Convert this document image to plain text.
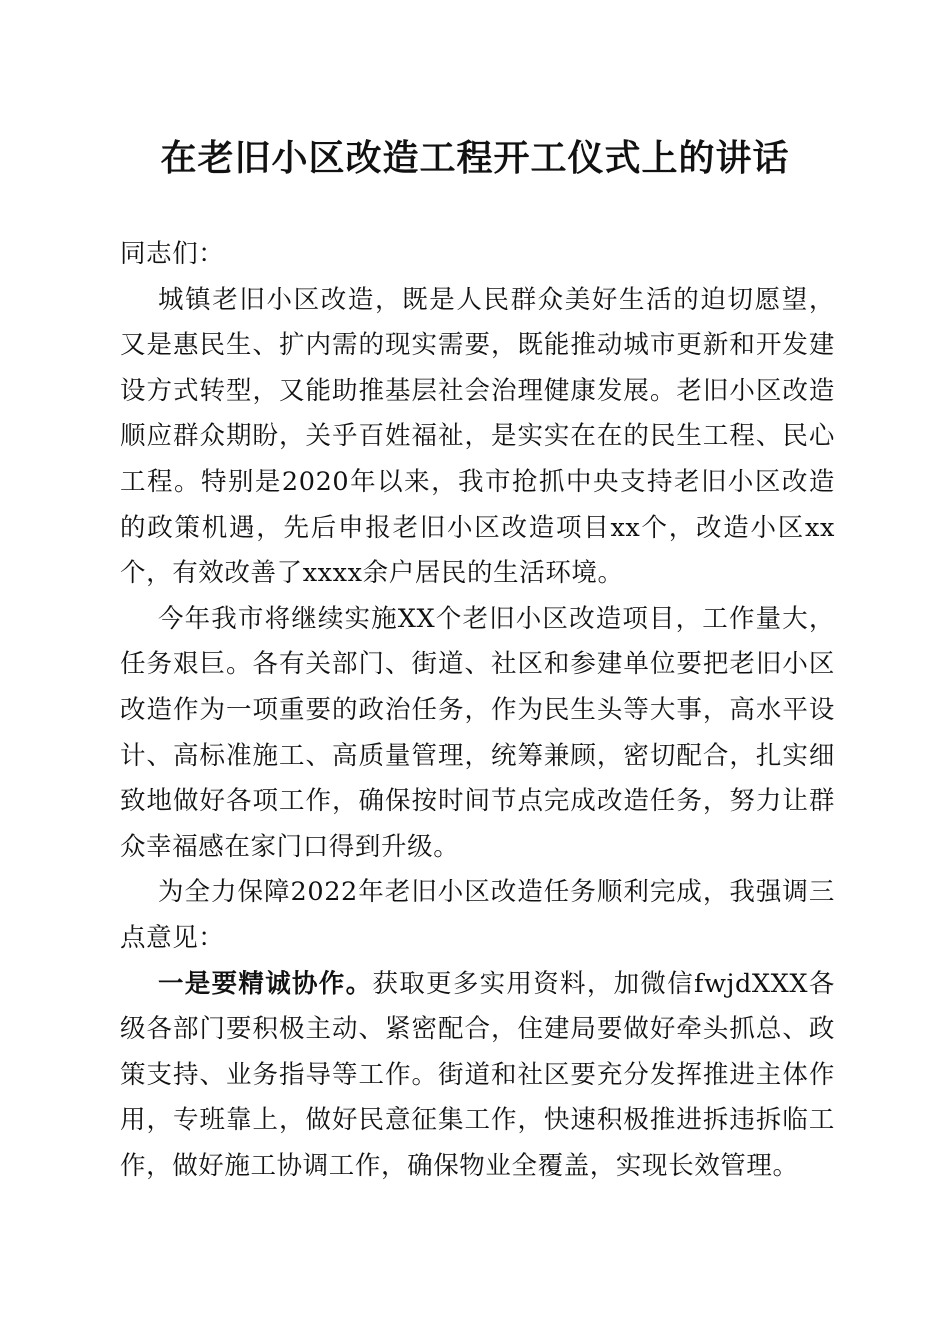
在老旧小区改造工程开工仪式上的讲话

同志们：

城镇老旧小区改造，既是人民群众美好生活的迫切愿望，又是惠民生、扩内需的现实需要，既能推动城市更新和开发建设方式转型，又能助推基层社会治理健康发展。老旧小区改造顺应群众期盼，关乎百姓福祉，是实实在在的民生工程、民心工程。特别是2020年以来，我市抢抓中央支持老旧小区改造的政策机遇，先后申报老旧小区改造项目xx个，改造小区xx个，有效改善了xxxx余户居民的生活环境。

今年我市将继续实施XX个老旧小区改造项目，工作量大，任务艰巨。各有关部门、街道、社区和参建单位要把老旧小区改造作为一项重要的政治任务，作为民生头等大事，高水平设计、高标准施工、高质量管理，统筹兼顾，密切配合，扎实细致地做好各项工作，确保按时间节点完成改造任务，努力让群众幸福感在家门口得到升级。

为全力保障2022年老旧小区改造任务顺利完成，我强调三点意见：

一是要精诚协作。获取更多实用资料，加微信fwjdXXX各级各部门要积极主动、紧密配合，住建局要做好牵头抓总、政策支持、业务指导等工作。街道和社区要充分发挥推进主体作用，专班靠上，做好民意征集工作，快速积极推进拆违拆临工作，做好施工协调工作，确保物业全覆盖，实现长效管理。
